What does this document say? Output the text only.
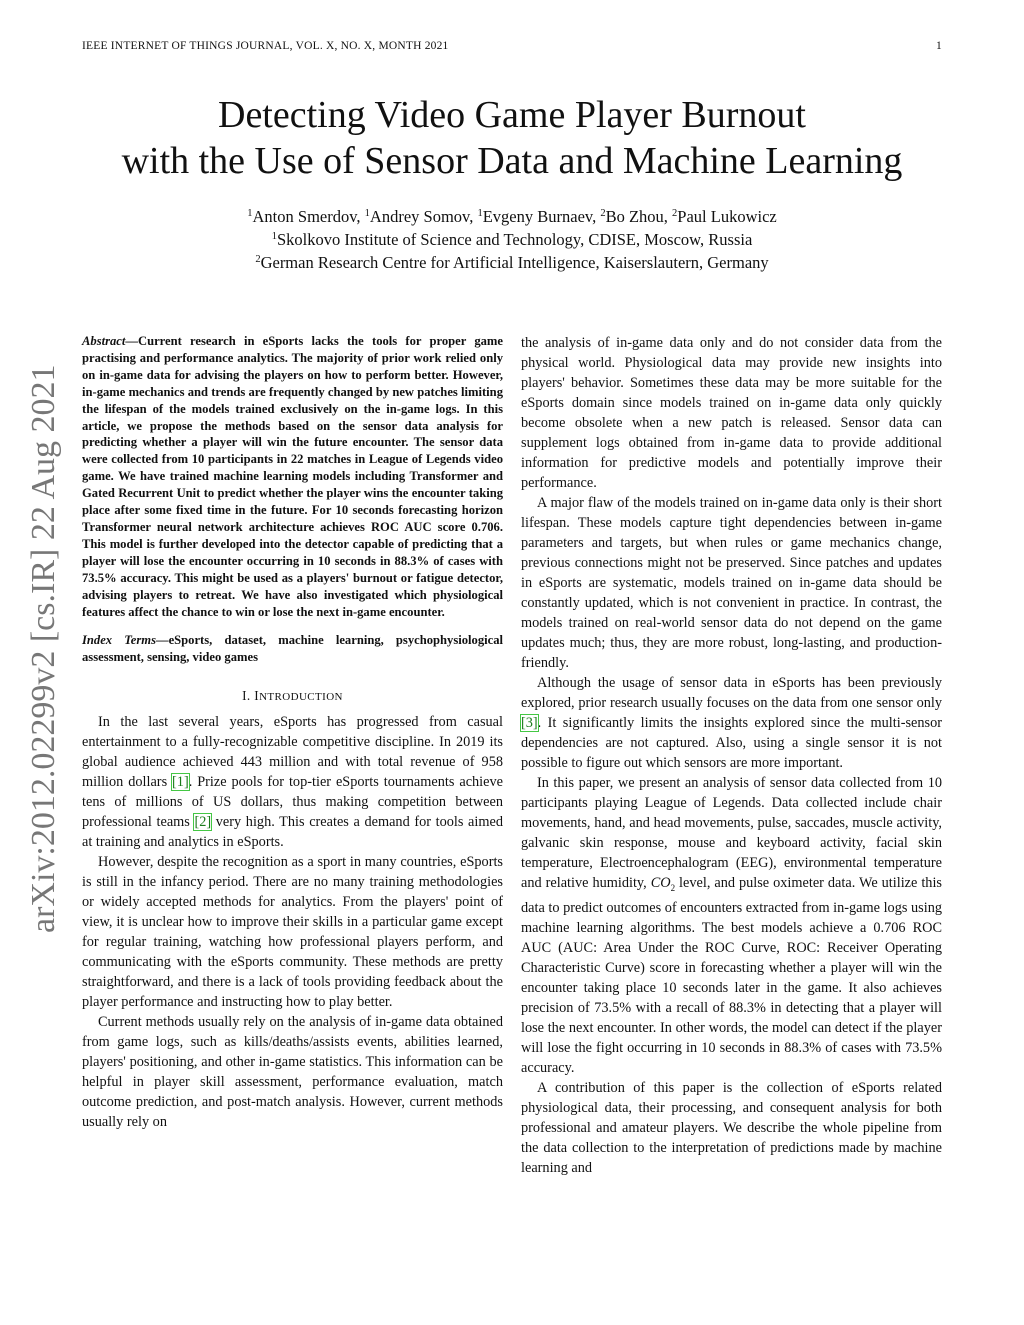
IEEE INTERNET OF THINGS JOURNAL, VOL. X, NO. X, MONTH 2021	1
arXiv:2012.02299v2 [cs.IR] 22 Aug 2021
Detecting Video Game Player Burnout
with the Use of Sensor Data and Machine Learning
$^1$Anton Smerdov, $^1$Andrey Somov, $^1$Evgeny Burnaev, $^2$Bo Zhou, $^2$Paul Lukowicz
$^1$Skolkovo Institute of Science and Technology, CDISE, Moscow, Russia
$^2$German Research Centre for Artificial Intelligence, Kaiserslautern, Germany

Abstract—Current research in eSports lacks the tools for proper game practising and performance analytics. The majority of prior work relied only on in-game data for advising the players on how to perform better. However, in-game mechanics and trends are frequently changed by new patches limiting the lifespan of the models trained exclusively on the in-game logs. In this article, we propose the methods based on the sensor data analysis for predicting whether a player will win the future encounter. The sensor data were collected from 10 participants in 22 matches in League of Legends video game. We have trained machine learning models including Transformer and Gated Recurrent Unit to predict whether the player wins the encounter taking place after some fixed time in the future. For 10 seconds forecasting horizon Transformer neural network architecture achieves ROC AUC score 0.706. This model is further developed into the detector capable of predicting that a player will lose the encounter occurring in 10 seconds in 88.3% of cases with 73.5% accuracy. This might be used as a players' burnout or fatigue detector, advising players to retreat. We have also investigated which physiological features affect the chance to win or lose the next in-game encounter.

Index Terms—eSports, dataset, machine learning, psychophysiological assessment, sensing, video games

I. INTRODUCTION

In the last several years, eSports has progressed from casual entertainment to a fully-recognizable competitive discipline. In 2019 its global audience achieved 443 million and with total revenue of 958 million dollars [1]. Prize pools for top-tier eSports tournaments achieve tens of millions of US dollars, thus making competition between professional teams [2] very high. This creates a demand for tools aimed at training and analytics in eSports.

However, despite the recognition as a sport in many countries, eSports is still in the infancy period. There are no many training methodologies or widely accepted methods for analytics. From the players' point of view, it is unclear how to improve their skills in a particular game except for regular training, watching how professional players perform, and communicating with the eSports community. These methods are pretty straightforward, and there is a lack of tools providing feedback about the player performance and instructing how to play better.

Current methods usually rely on the analysis of in-game data obtained from game logs, such as kills/deaths/assists events, abilities learned, players' positioning, and other in-game statistics. This information can be helpful in player skill assessment, performance evaluation, match outcome prediction, and post-match analysis. However, current methods usually rely on

the analysis of in-game data only and do not consider data from the physical world. Physiological data may provide new insights into players' behavior. Sometimes these data may be more suitable for the eSports domain since models trained on in-game data only quickly become obsolete when a new patch is released. Sensor data can supplement logs obtained from in-game data to provide additional information for predictive models and potentially improve their performance.

A major flaw of the models trained on in-game data only is their short lifespan. These models capture tight dependencies between in-game parameters and targets, but when rules or game mechanics change, previous connections might not be preserved. Since patches and updates in eSports are systematic, models trained on in-game data should be constantly updated, which is not convenient in practice. In contrast, the models trained on real-world sensor data do not depend on the game updates much; thus, they are more robust, long-lasting, and production-friendly.

Although the usage of sensor data in eSports has been previously explored, prior research usually focuses on the data from one sensor only [3]. It significantly limits the insights explored since the multi-sensor dependencies are not captured. Also, using a single sensor it is not possible to figure out which sensors are more important.

In this paper, we present an analysis of sensor data collected from 10 participants playing League of Legends. Data collected include chair movements, hand, and head movements, pulse, saccades, muscle activity, galvanic skin response, mouse and keyboard activity, facial skin temperature, Electroencephalogram (EEG), environmental temperature and relative humidity, $CO_2$ level, and pulse oximeter data. We utilize this data to predict outcomes of encounters extracted from in-game logs using machine learning algorithms. The best models achieve a 0.706 ROC AUC (AUC: Area Under the ROC Curve, ROC: Receiver Operating Characteristic Curve) score in forecasting whether a player will win the encounter taking place 10 seconds later in the game. It also achieves precision of 73.5% with a recall of 88.3% in detecting that a player will lose the next encounter. In other words, the model can detect if the player will lose the fight occurring in 10 seconds in 88.3% of cases with 73.5% accuracy.

A contribution of this paper is the collection of eSports related physiological data, their processing, and consequent analysis for both professional and amateur players. We describe the whole pipeline from the data collection to the interpretation of predictions made by machine learning and
